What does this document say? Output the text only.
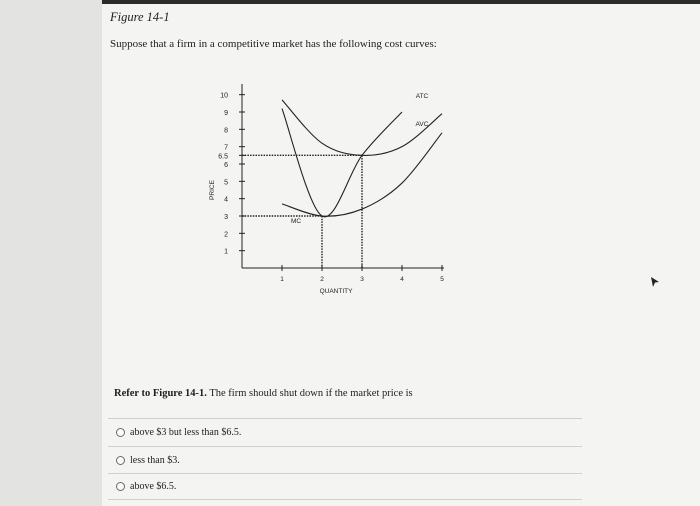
Figure 14-1
Suppose that a firm in a competitive market has the following cost curves:
10
9
8
7
6.5
6
5
4
3
2
1
1	2	3	4	5
QUANTITY
PRICE
ATC
AVC
MC
Refer to Figure 14-1. The firm should shut down if the market price is
above $3 but less than $6.5.
less than $3.
above $6.5.
